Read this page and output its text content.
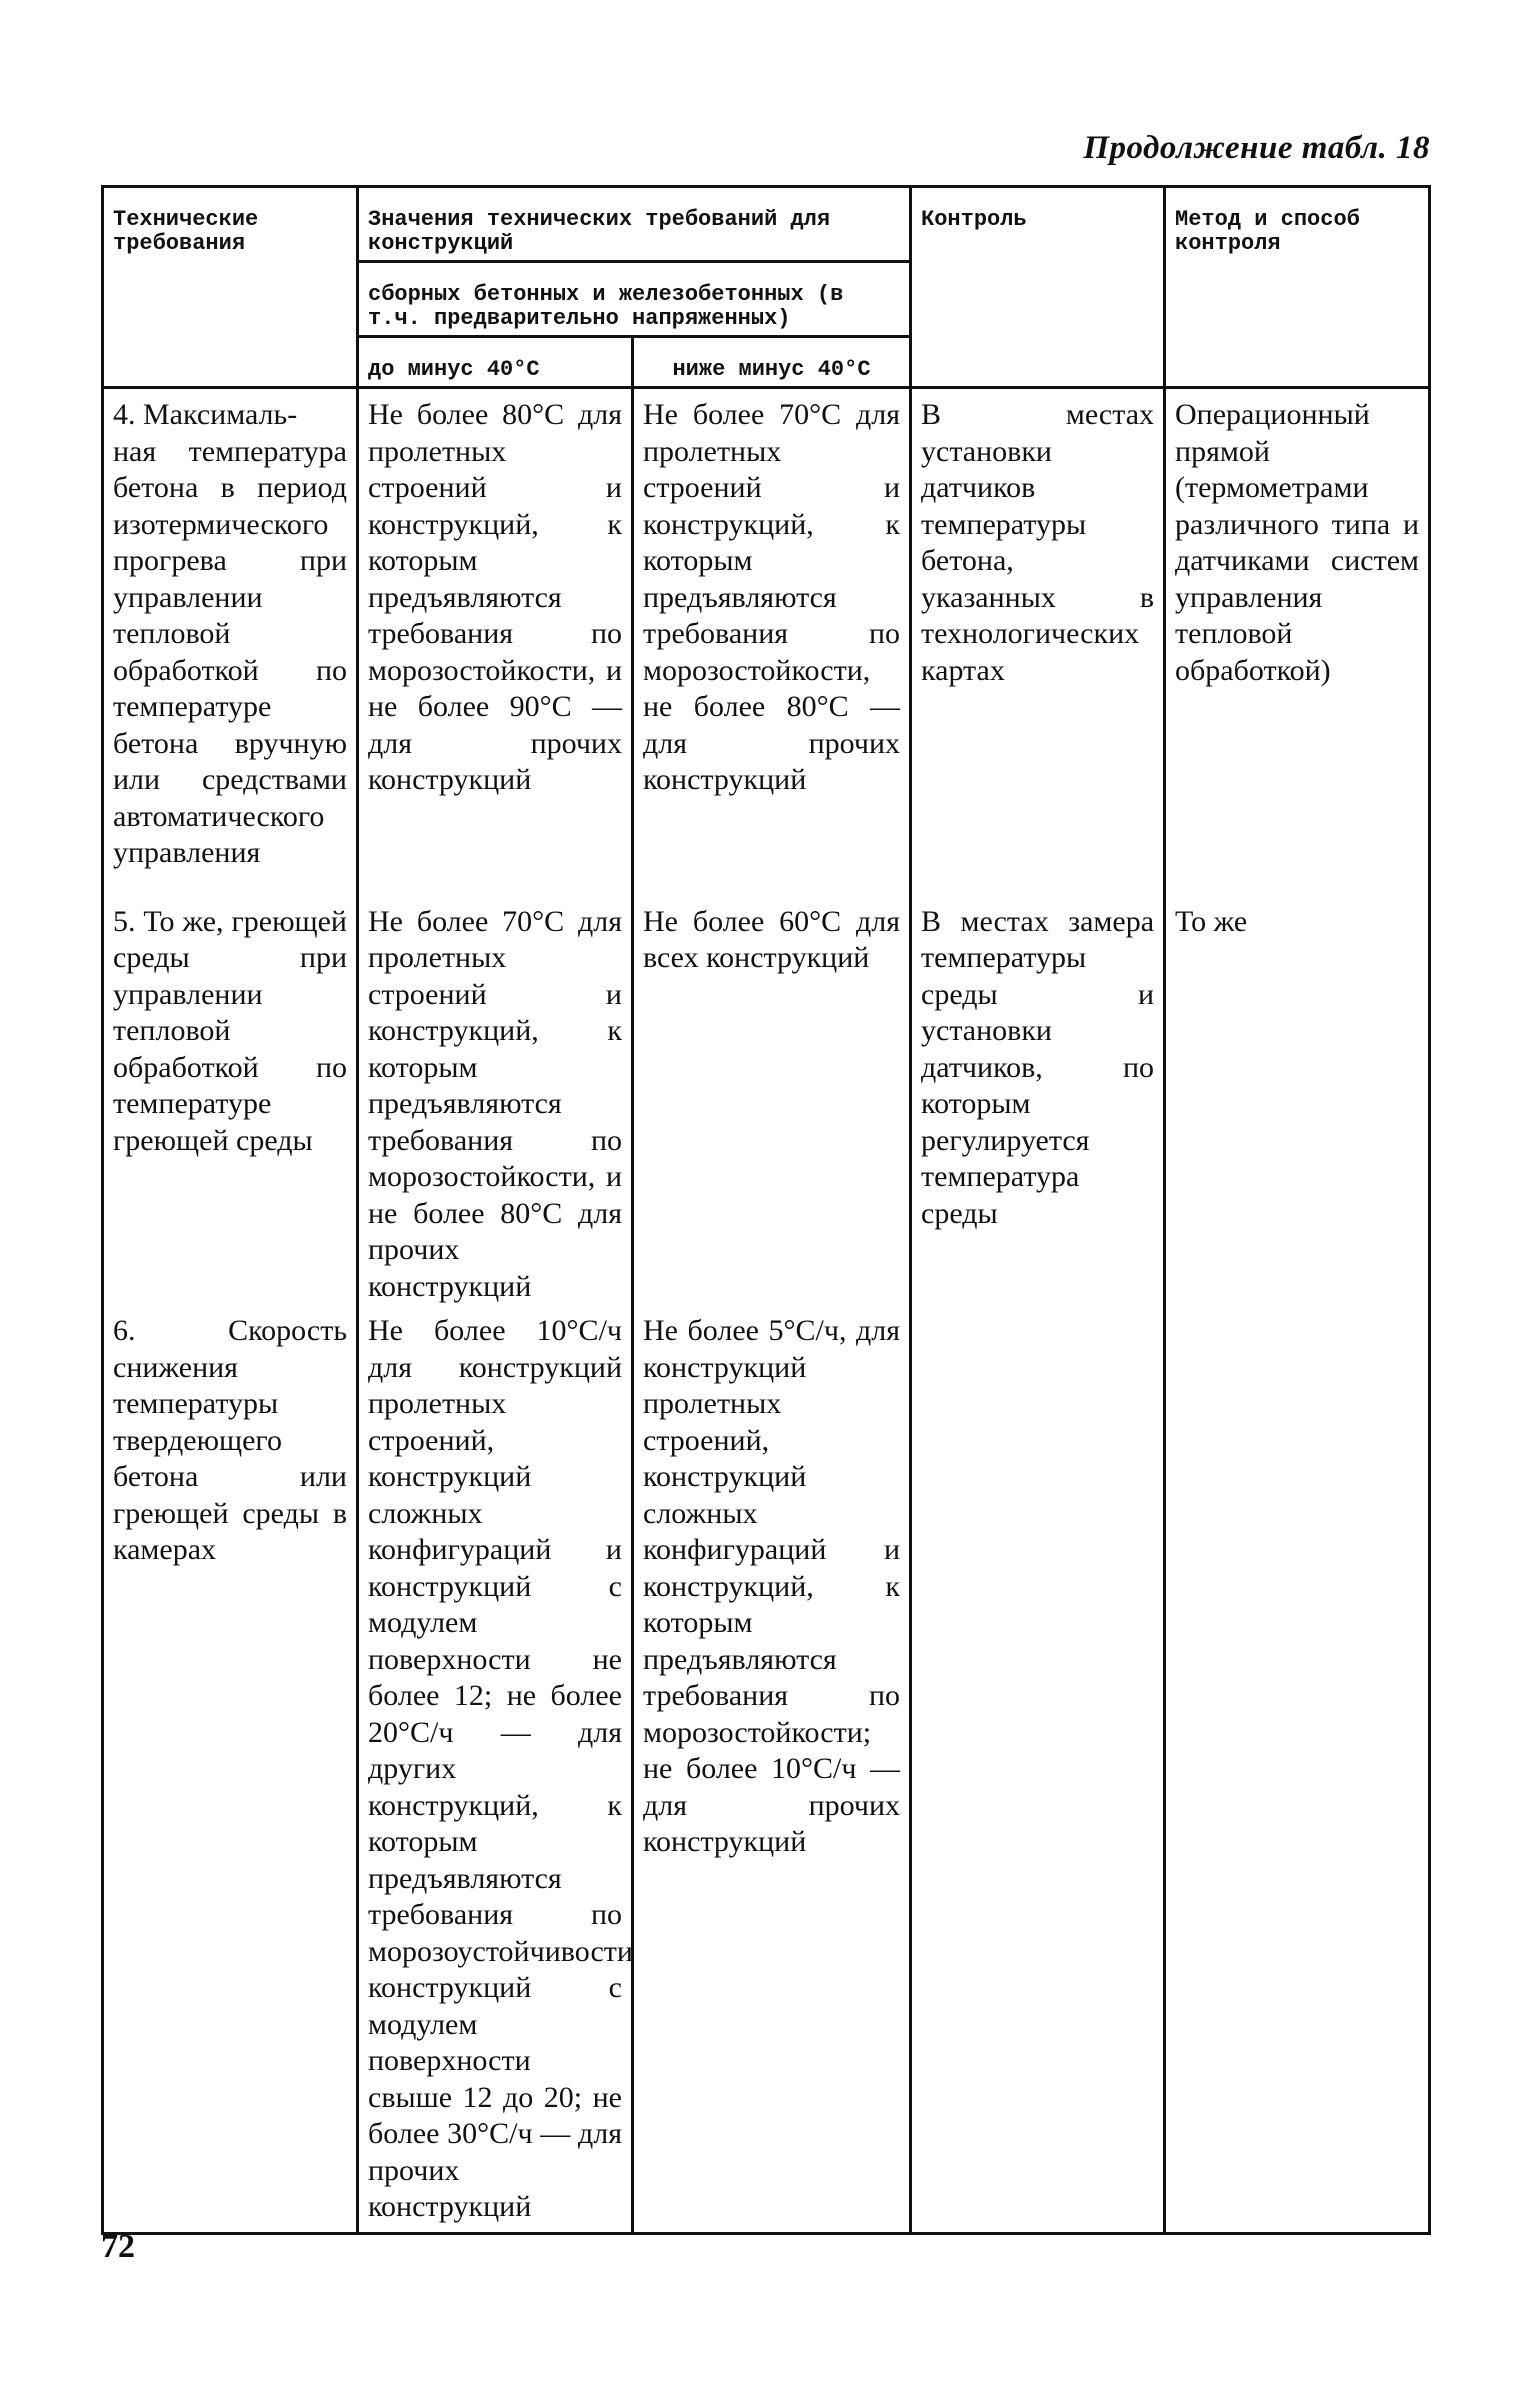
Продолжение табл. 18
Технические требования	Значения технических требований для конструкций		Контроль	Метод и способ контроля
	сборных бетонных и железобетонных (в т.ч. предварительно напряженных)			
	до минус 40°С	ниже минус 40°С		
4. Максималь-
ная температура бетона в период изотермического прогрева при управлении тепловой обработкой по температуре бетона вручную или средствами автоматического управления	Не более 80°С для пролетных строений и конструкций, к которым предъявляются требования по морозостойкости, и не более 90°С — для прочих конструкций	Не более 70°С для пролетных строений и конструкций, к которым предъявляются требования по морозостойкости, не более 80°С — для прочих конструкций	В местах установки датчиков температуры бетона, указанных в технологических картах	Операционный прямой (термометрами различного типа и датчиками систем управления тепловой обработкой)
5. То же, греющей среды при управлении тепловой обработкой по температуре греющей среды	Не более 70°С для пролетных строений и конструкций, к которым предъявляются требования по морозостойкости, и не более 80°С для прочих конструкций	Не более 60°С для всех конструкций	В местах замера температуры среды и установки датчиков, по которым регулируется температура среды	То же
6. Скорость снижения температуры твердеющего бетона или греющей среды в камерах	Не более 10°С/ч для конструкций пролетных строений, конструкций сложных конфигураций и конструкций с модулем поверхности не более 12; не более 20°С/ч — для других конструкций, к которым предъявляются требования по морозоустойчивости конструкций с модулем поверхности свыше 12 до 20; не более 30°С/ч — для прочих конструкций	Не более 5°С/ч, для конструкций пролетных строений, конструкций сложных конфигураций и конструкций, к которым предъявляются требования по морозостойкости; не более 10°С/ч — для прочих конструкций		
72
